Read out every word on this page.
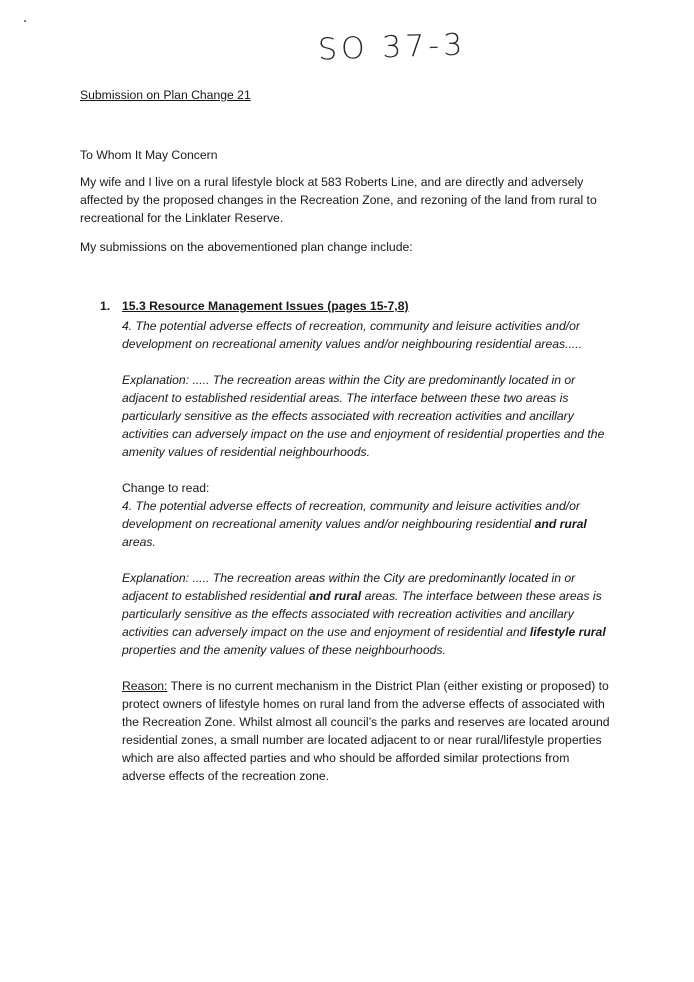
SO 37-3

Submission on Plan Change 21

To Whom It May Concern

My wife and I live on a rural lifestyle block at 583 Roberts Line, and are directly and adversely affected by the proposed changes in the Recreation Zone, and rezoning of the land from rural to recreational for the Linklater Reserve.

My submissions on the abovementioned plan change include:

1. 15.3 Resource Management Issues (pages 15-7,8)

4. The potential adverse effects of recreation, community and leisure activities and/or development on recreational amenity values and/or neighbouring residential areas.....

Explanation: ..... The recreation areas within the City are predominantly located in or adjacent to established residential areas. The interface between these two areas is particularly sensitive as the effects associated with recreation activities and ancillary activities can adversely impact on the use and enjoyment of residential properties and the amenity values of residential neighbourhoods.

Change to read:

4. The potential adverse effects of recreation, community and leisure activities and/or development on recreational amenity values and/or neighbouring residential and rural areas.

Explanation: ..... The recreation areas within the City are predominantly located in or adjacent to established residential and rural areas. The interface between these areas is particularly sensitive as the effects associated with recreation activities and ancillary activities can adversely impact on the use and enjoyment of residential and lifestyle rural properties and the amenity values of these neighbourhoods.

Reason: There is no current mechanism in the District Plan (either existing or proposed) to protect owners of lifestyle homes on rural land from the adverse effects of associated with the Recreation Zone. Whilst almost all council’s the parks and reserves are located around residential zones, a small number are located adjacent to or near rural/lifestyle properties which are also affected parties and who should be afforded similar protections from adverse effects of the recreation zone.
